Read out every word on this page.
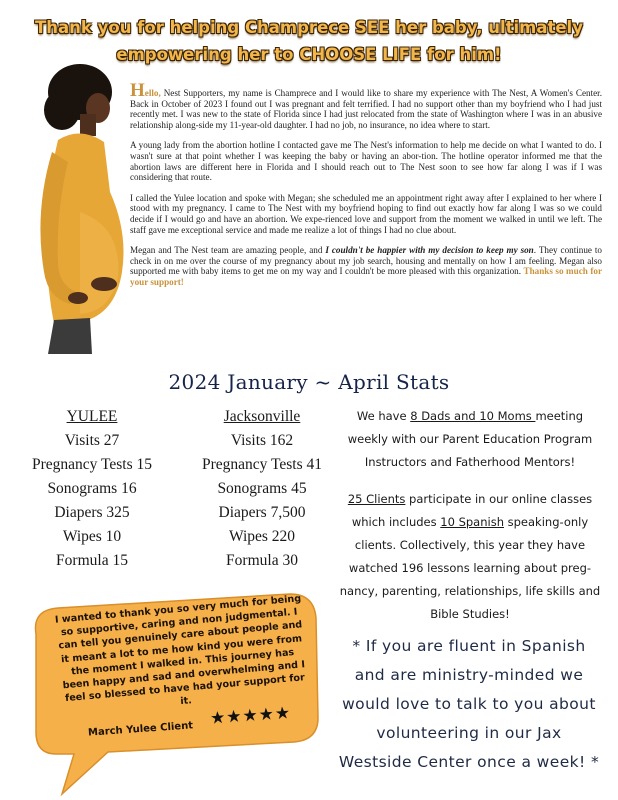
Thank you for helping Champrece SEE her baby, ultimately empowering her to CHOOSE LIFE for him!

Hello, Nest Supporters, my name is Champrece and I would like to share my experience with The Nest, A Women's Center. Back in October of 2023 I found out I was pregnant and felt terrified. I had no support other than my boyfriend who I had just recently met. I was new to the state of Florida since I had just relocated from the state of Washington where I was in an abusive relationship along-side my 11-year-old daughter. I had no job, no insurance, no idea where to start.

A young lady from the abortion hotline I contacted gave me The Nest's information to help me decide on what I wanted to do. I wasn't sure at that point whether I was keeping the baby or having an abor-tion. The hotline operator informed me that the abortion laws are different here in Florida and I should reach out to The Nest soon to see how far along I was if I was considering that route.

I called the Yulee location and spoke with Megan; she scheduled me an appointment right away after I explained to her where I stood with my pregnancy. I came to The Nest with my boyfriend hoping to find out exactly how far along I was so we could decide if I would go and have an abortion. We expe-rienced love and support from the moment we walked in until we left. The staff gave me exceptional service and made me realize a lot of things I had no clue about.

Megan and The Nest team are amazing people, and I couldn't be happier with my decision to keep my son. They continue to check in on me over the course of my pregnancy about my job search, housing and mentally on how I am feeling. Megan also supported me with baby items to get me on my way and I couldn't be more pleased with this organization. Thanks so much for your support!

2024 January ~ April Stats
YULEE
Visits 27
Pregnancy Tests 15
Sonograms 16
Diapers 325
Wipes 10
Formula 15
Jacksonville
Visits 162
Pregnancy Tests 41
Sonograms 45
Diapers 7,500
Wipes 220
Formula 30

We have 8 Dads and 10 Moms meeting weekly with our Parent Education Program Instructors and Fatherhood Mentors!

25 Clients participate in our online classes which includes 10 Spanish speaking-only clients. Collectively, this year they have watched 196 lessons learning about preg-nancy, parenting, relationships, life skills and Bible Studies!

I wanted to thank you so very much for being so supportive, caring and non judgmental. I can tell you genuinely care about people and it meant a lot to me how kind you were from the moment I walked in. This journey has been happy and sad and overwhelming and I feel so blessed to have had your support for it.
★★★★★
March Yulee Client
* If you are fluent in Spanish and are ministry-minded we would love to talk to you about volunteering in our Jax Westside Center once a week! *
